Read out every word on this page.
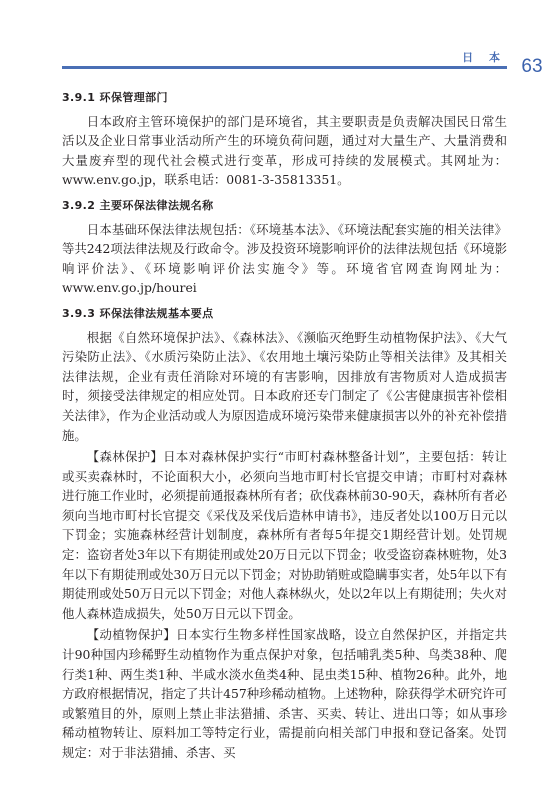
日 本 63

3.9.1 环保管理部门

日本政府主管环境保护的部门是环境省，其主要职责是负责解决国民日常生活以及企业日常事业活动所产生的环境负荷问题，通过对大量生产、大量消费和大量废弃型的现代社会模式进行变革，形成可持续的发展模式。其网址为：www.env.go.jp，联系电话：0081-3-35813351。

3.9.2 主要环保法律法规名称

日本基础环保法律法规包括：《环境基本法》、《环境法配套实施的相关法律》等共242项法律法规及行政命令。涉及投资环境影响评价的法律法规包括《环境影响评价法》、《环境影响评价法实施令》等。环境省官网查询网址为：www.env.go.jp/hourei

3.9.3 环保法律法规基本要点

根据《自然环境保护法》、《森林法》、《濒临灭绝野生动植物保护法》、《大气污染防止法》、《水质污染防止法》、《农用地土壤污染防止等相关法律》及其相关法律法规，企业有责任消除对环境的有害影响，因排放有害物质对人造成损害时，须接受法律规定的相应处罚。日本政府还专门制定了《公害健康损害补偿相关法律》，作为企业活动或人为原因造成环境污染带来健康损害以外的补充补偿措施。

【森林保护】日本对森林保护实行“市町村森林整备计划”，主要包括：转让或买卖森林时，不论面积大小，必须向当地市町村长官提交申请；市町村对森林进行施工作业时，必须提前通报森林所有者；砍伐森林前30-90天，森林所有者必须向当地市町村长官提交《采伐及采伐后造林申请书》，违反者处以100万日元以下罚金；实施森林经营计划制度，森林所有者每5年提交1期经营计划。处罚规定：盗窃者处3年以下有期徒刑或处20万日元以下罚金；收受盗窃森林赃物，处3年以下有期徒刑或处30万日元以下罚金；对协助销赃或隐瞒事实者，处5年以下有期徒刑或处50万日元以下罚金；对他人森林纵火，处以2年以上有期徒刑；失火对他人森林造成损失，处50万日元以下罚金。

【动植物保护】日本实行生物多样性国家战略，设立自然保护区，并指定共计90种国内珍稀野生动植物作为重点保护对象，包括哺乳类5种、鸟类38种、爬行类1种、两生类1种、半咸水淡水鱼类4种、昆虫类15种、植物26种。此外，地方政府根据情况，指定了共计457种珍稀动植物。上述物种，除获得学术研究许可或繁殖目的外，原则上禁止非法猎捕、杀害、买卖、转让、进出口等；如从事珍稀动植物转让、原料加工等特定行业，需提前向相关部门申报和登记备案。处罚规定：对于非法猎捕、杀害、买
